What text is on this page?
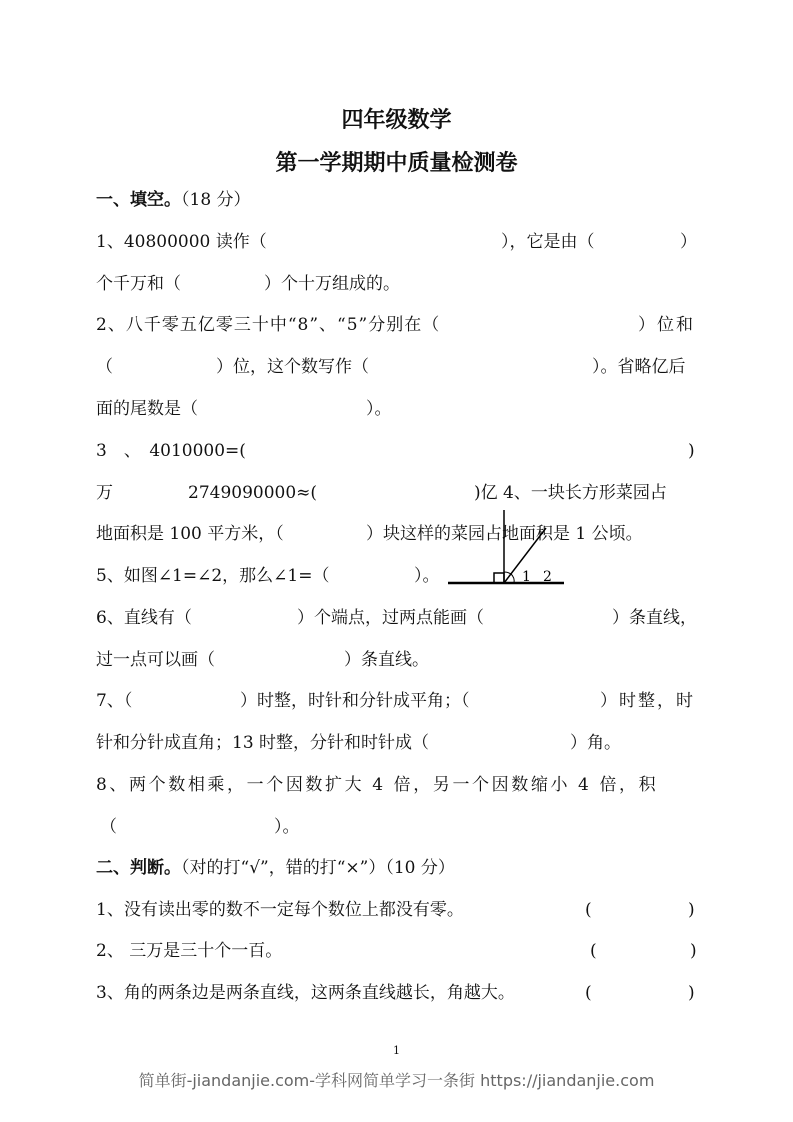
四年级数学
第一学期期中质量检测卷
一、填空。（18 分）
1、40800000 读作（	），它是由（	）
个千万和（	）个十万组成的。
2、八千零五亿零三十中“8”、“5”分别在（	）位和
（	）位，这个数写作（	）。省略亿后
面的尾数是（	）。
3　、　4010000=(	)
万	2749090000≈(	)亿 4、一块长方形菜园占
地面积是 100 平方米，（	）块这样的菜园占地面积是 1 公顷。
5、如图∠1=∠2，那么∠1=（	）。	1 2
6、直线有（	）个端点，过两点能画（	）条直线，
过一点可以画（	）条直线。
7、（	）时整，时针和分针成平角；（	）时整，时
针和分针成直角；13 时整，分针和时针成（	）角。
8、两个数相乘，一个因数扩大 4 倍，另一个因数缩小 4 倍，积
（	）。
二、判断。（对的打“√”，错的打“×”）（10 分）
1、没有读出零的数不一定每个数位上都没有零。	(	)
2、 三万是三十个一百。	(	)
3、角的两条边是两条直线，这两条直线越长，角越大。	(	)
1
简单街-jiandanjie.com-学科网简单学习一条街 https://jiandanjie.com
